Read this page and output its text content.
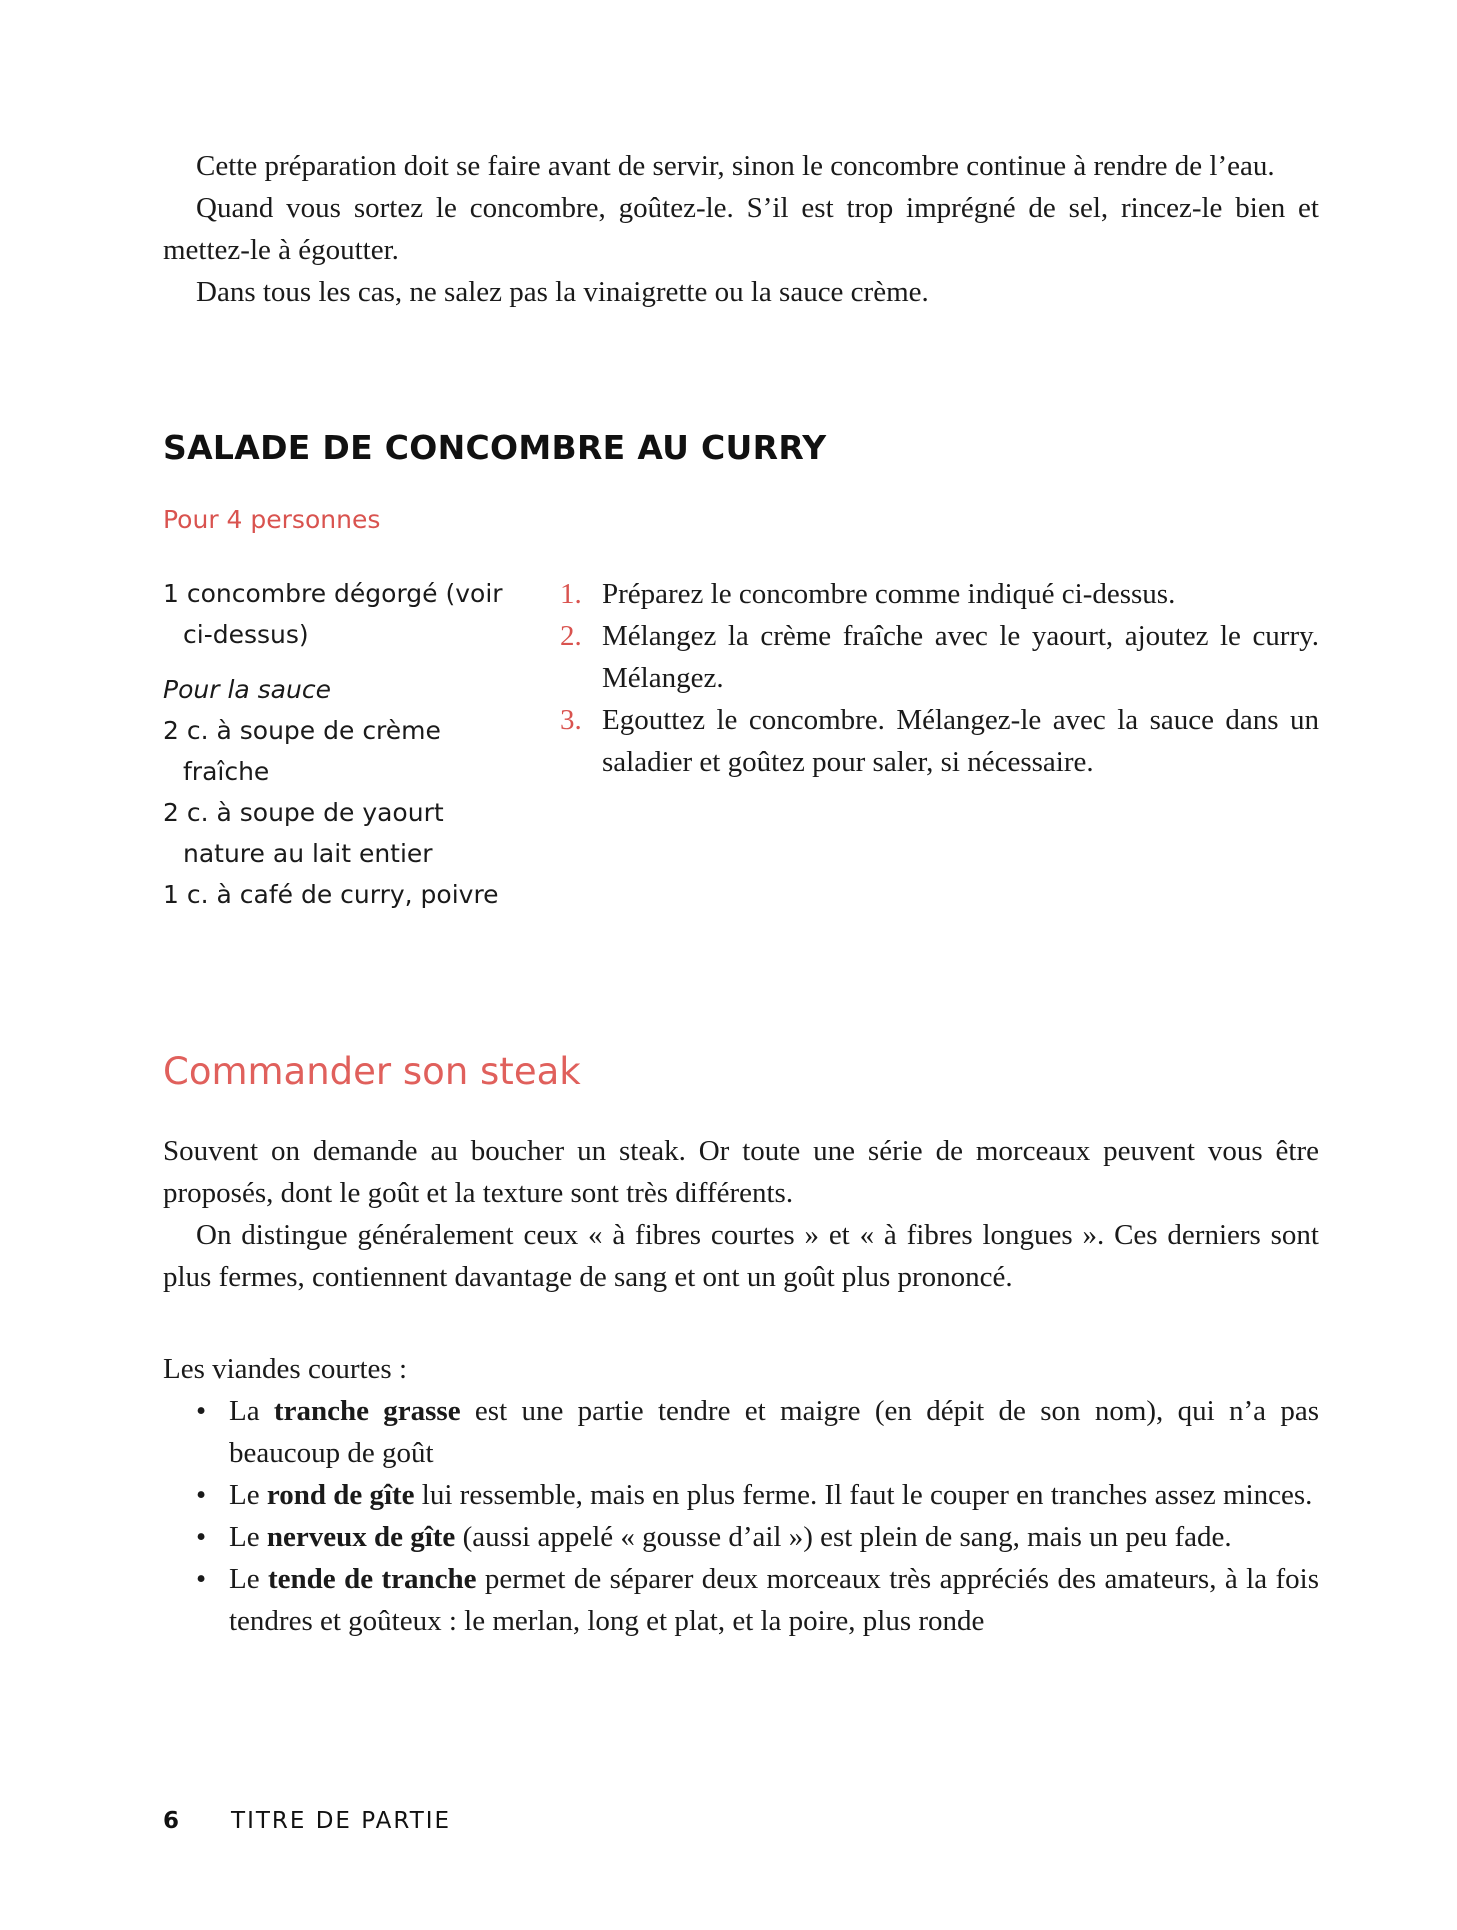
Cette préparation doit se faire avant de servir, sinon le concombre continue à rendre de l’eau.

Quand vous sortez le concombre, goûtez-le. S’il est trop imprégné de sel, rincez-le bien et mettez-le à égoutter.

Dans tous les cas, ne salez pas la vinaigrette ou la sauce crème.

SALADE DE CONCOMBRE AU CURRY
Pour 4 personnes
1 concombre dégorgé (voir ci-dessus)
Pour la sauce
2 c. à soupe de crème fraîche
2 c. à soupe de yaourt nature au lait entier
1 c. à café de curry, poivre
1. Préparez le concombre comme indiqué ci-dessus.
2. Mélangez la crème fraîche avec le yaourt, ajoutez le curry. Mélangez.
3. Egouttez le concombre. Mélangez-le avec la sauce dans un saladier et goûtez pour saler, si nécessaire.
Commander son steak

Souvent on demande au boucher un steak. Or toute une série de morceaux peuvent vous être proposés, dont le goût et la texture sont très différents.

On distingue généralement ceux « à fibres courtes » et « à fibres longues ». Ces derniers sont plus fermes, contiennent davantage de sang et ont un goût plus prononcé.

Les viandes courtes :

• La tranche grasse est une partie tendre et maigre (en dépit de son nom), qui n’a pas beaucoup de goût
• Le rond de gîte lui ressemble, mais en plus ferme. Il faut le couper en tranches assez minces.
• Le nerveux de gîte (aussi appelé « gousse d’ail ») est plein de sang, mais un peu fade.
• Le tende de tranche permet de séparer deux morceaux très appréciés des amateurs, à la fois tendres et goûteux : le merlan, long et plat, et la poire, plus ronde
6 TITRE DE PARTIE
